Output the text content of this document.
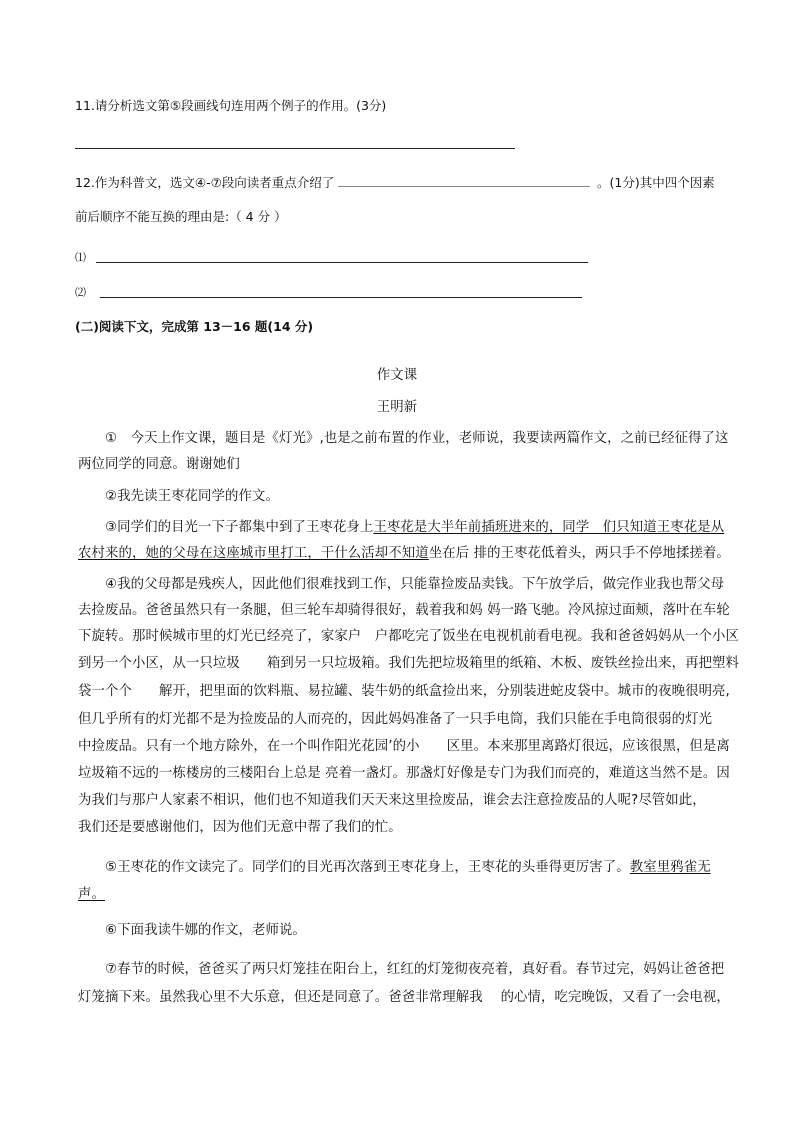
11.请分析选文第⑤段画线句连用两个例子的作用。(3分)
12.作为科普文，选文④-⑦段向读者重点介绍了	。(1分)其中四个因素
前后顺序不能互换的理由是:（ 4 分 ）
⑴
⑵
(二)阅读下文，完成第 13－16 题(14 分)
作文课
王明新
①　今天上作文课，题目是《灯光》,也是之前布置的作业，老师说，我要读两篇作文，之前已经征得了这
两位同学的同意。谢谢她们
②我先读王枣花同学的作文。
③同学们的目光一下子都集中到了王枣花身上王枣花是大半年前插班进来的，同学　们只知道王枣花是从
农村来的，她的父母在这座城市里打工，干什么活却不知道坐在后 排的王枣花低着头，两只手不停地揉搓着。
④我的父母都是残疾人，因此他们很难找到工作，只能靠捡废品卖钱。下午放学后，做完作业我也帮父母
去捡废品。爸爸虽然只有一条腿，但三轮车却骑得很好，载着我和妈 妈一路飞驰。冷风掠过面颊，落叶在车轮
下旋转。那时候城市里的灯光已经亮了，家家户　户都吃完了饭坐在电视机前看电视。我和爸爸妈妈从一个小区
到另一个小区，从一只垃圾　　箱到另一只垃圾箱。我们先把垃圾箱里的纸箱、木板、废铁丝捡出来，再把塑料
袋一个个　　解开，把里面的饮料瓶、易拉罐、装牛奶的纸盒捡出来，分别装进蛇皮袋中。城市的夜晚很明亮,
但几乎所有的灯光都不是为捡废品的人而亮的，因此妈妈准备了一只手电筒，我们只能在手电筒很弱的灯光
中捡废品。只有一个地方除外，在一个叫作阳光花园’的小　　区里。本来那里离路灯很远，应该很黑，但是离
垃圾箱不远的一栋楼房的三楼阳台上总是 亮着一盏灯。那盏灯好像是专门为我们而亮的，难道这当然不是。因
为我们与那户人家素不相识，他们也不知道我们天天来这里捡废品，谁会去注意捡废品的人呢?尽管如此，
我们还是要感谢他们，因为他们无意中帮了我们的忙。
⑤王枣花的作文读完了。同学们的目光再次落到王枣花身上，王枣花的头垂得更厉害了。教室里鸦雀无
声。
⑥下面我读牛娜的作文，老师说。
⑦春节的时候，爸爸买了两只灯笼挂在阳台上，红红的灯笼彻夜亮着，真好看。春节过完，妈妈让爸爸把
灯笼摘下来。虽然我心里不大乐意，但还是同意了。爸爸非常理解我　 的心情，吃完晚饭，又看了一会电视，
